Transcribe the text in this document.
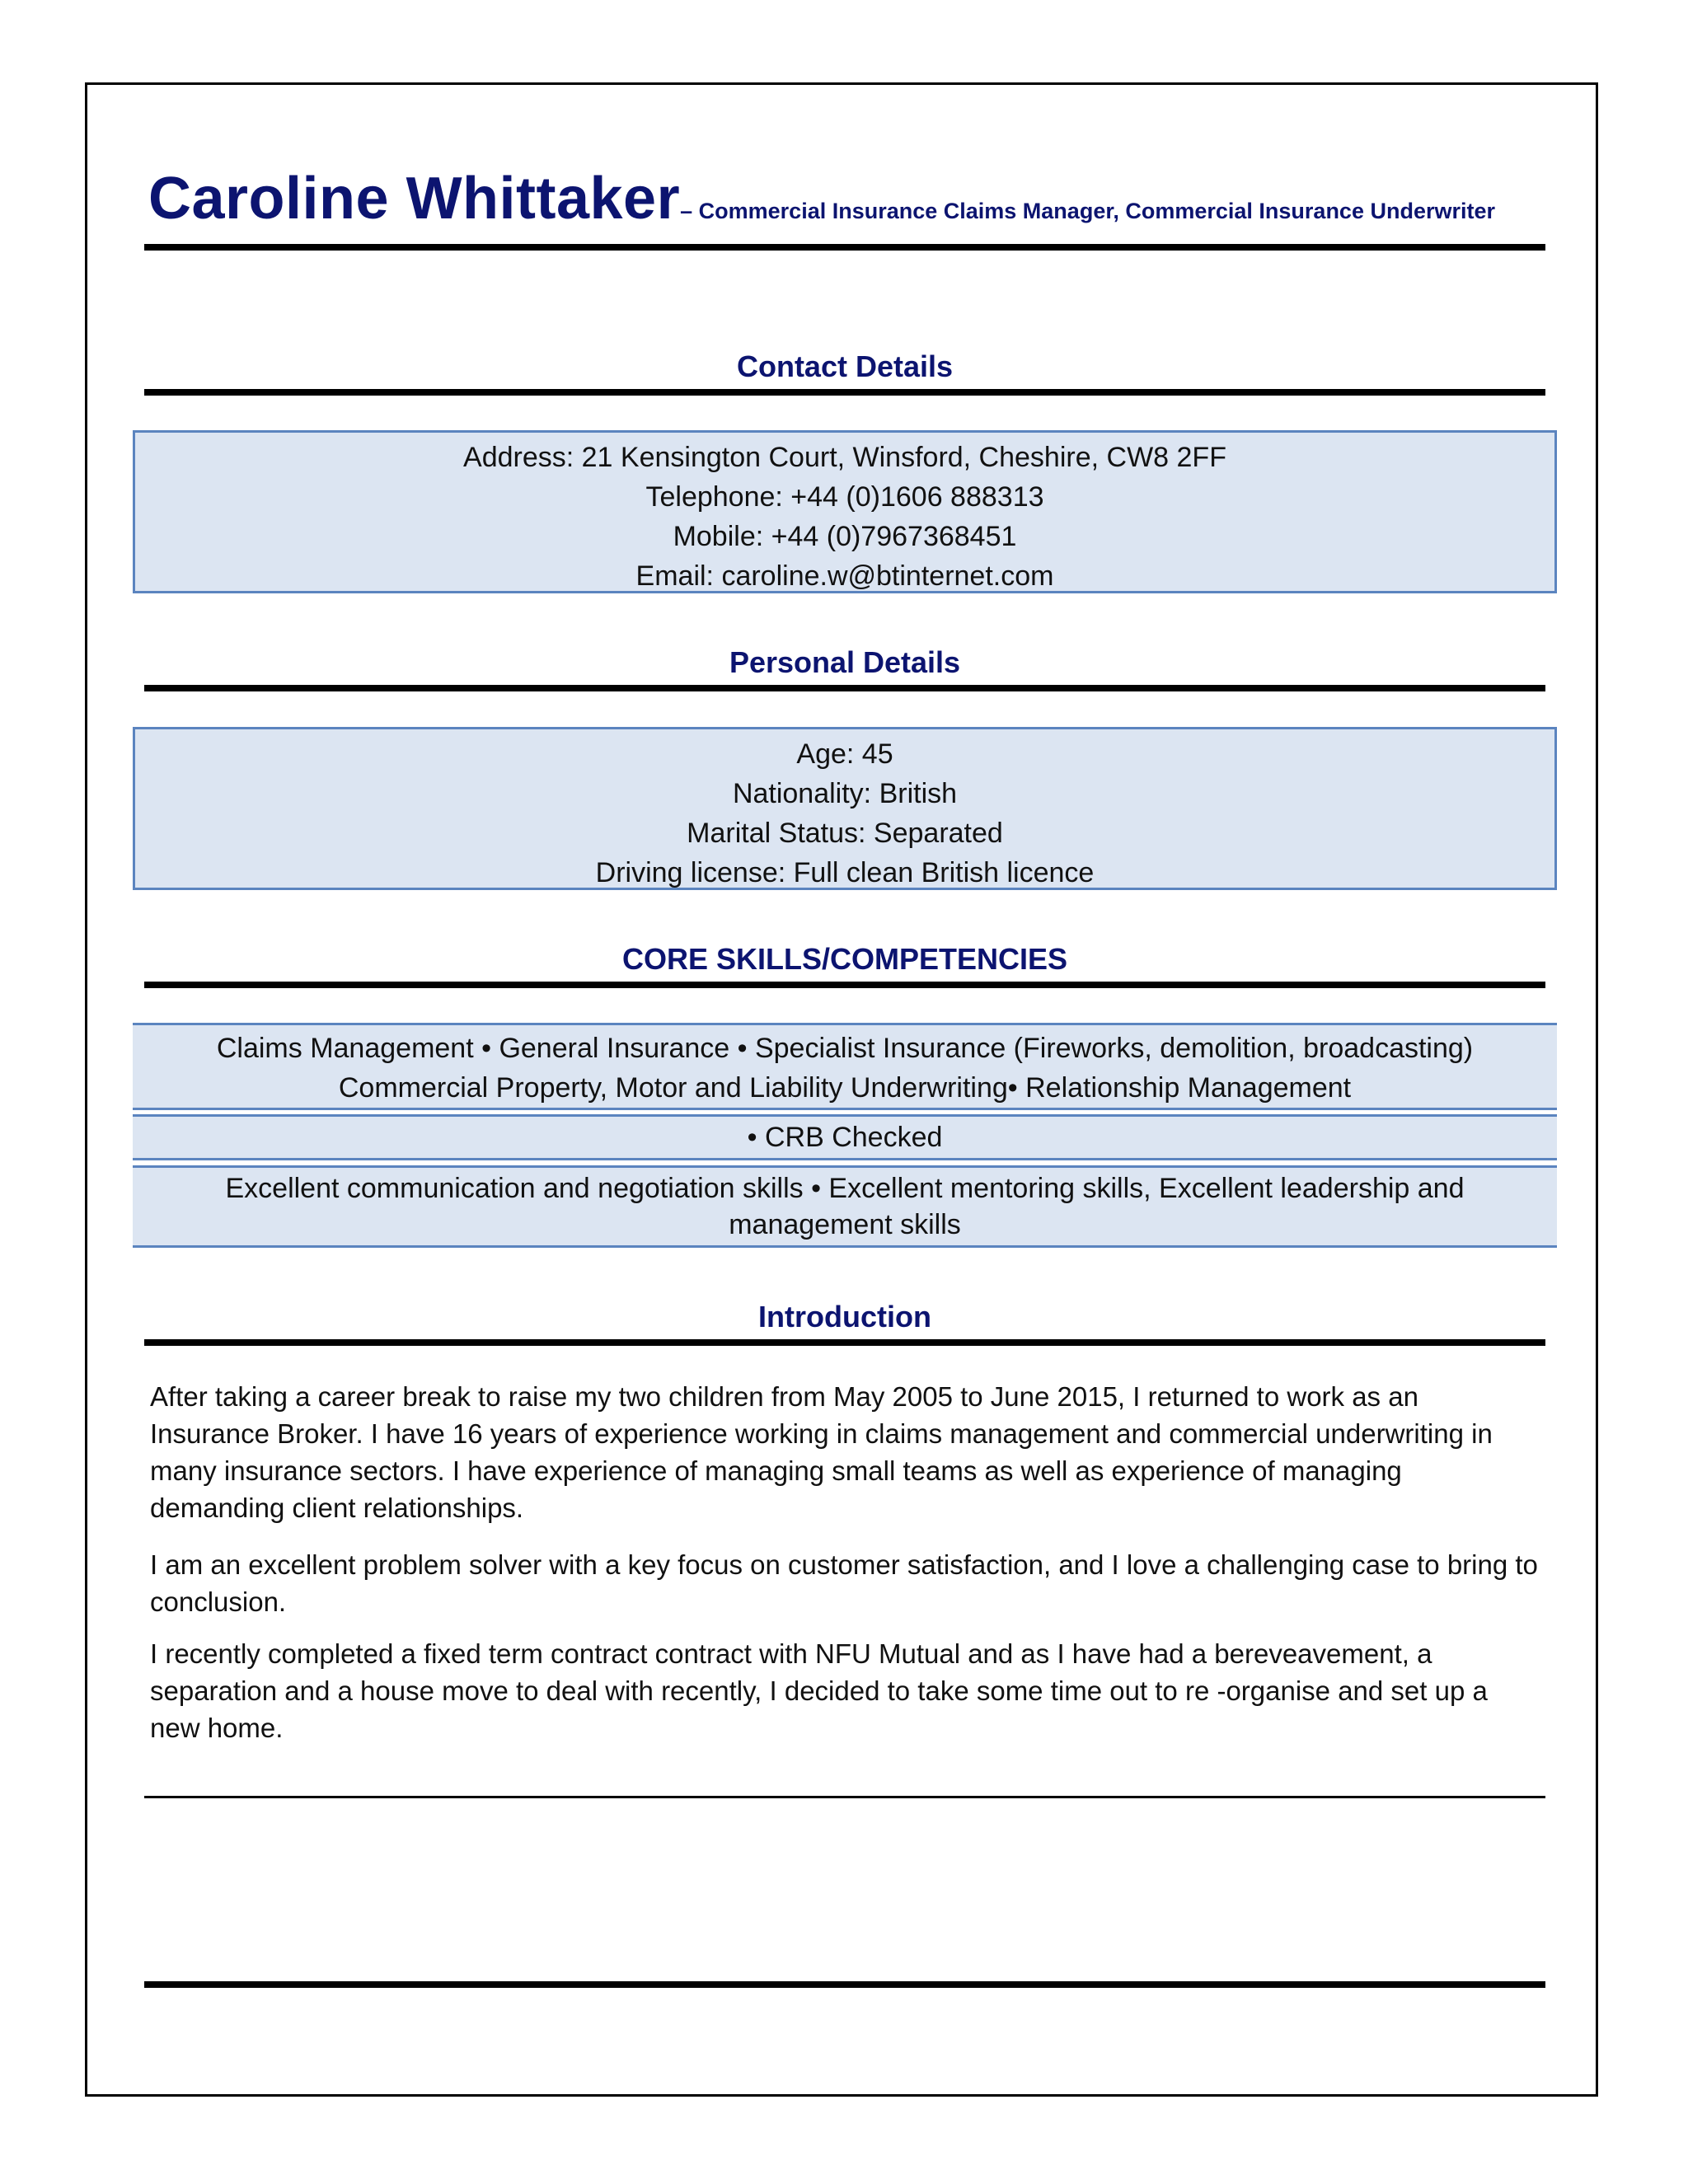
Caroline Whittaker– Commercial Insurance Claims Manager, Commercial Insurance Underwriter
Contact Details
Address: 21 Kensington Court, Winsford, Cheshire, CW8 2FF
Telephone: +44 (0)1606 888313
Mobile: +44 (0)7967368451
Email: caroline.w@btinternet.com
Personal Details
Age: 45
Nationality: British
Marital Status: Separated
Driving license: Full clean British licence
CORE SKILLS/COMPETENCIES
Claims Management • General Insurance • Specialist Insurance (Fireworks, demolition, broadcasting)
Commercial Property, Motor and Liability Underwriting• Relationship Management
• CRB Checked
Excellent communication and negotiation skills • Excellent mentoring skills, Excellent leadership and
management skills
Introduction

After taking a career break to raise my two children from May 2005 to June 2015, I returned to work as an Insurance Broker. I have 16 years of experience working in claims management and commercial underwriting in many insurance sectors. I have experience of managing small teams as well as experience of managing demanding client relationships.

I am an excellent problem solver with a key focus on customer satisfaction, and I love a challenging case to bring to conclusion.

I recently completed a fixed term contract contract with NFU Mutual and as I have had a bereveavement, a separation and a house move to deal with recently, I decided to take some time out to re -organise and set up a new home.
